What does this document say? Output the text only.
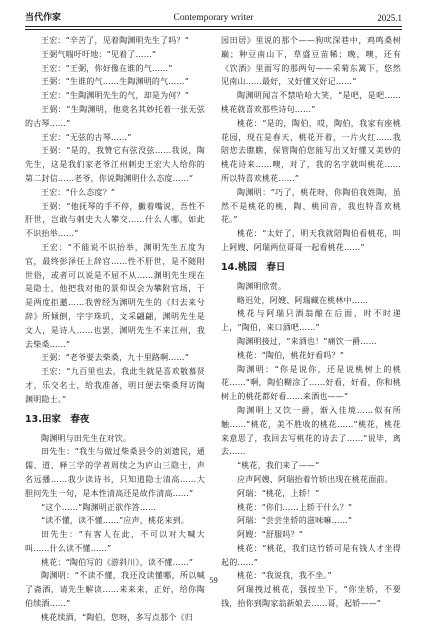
当代作家	Contemporary writer	2025.1

王宏：“辛苦了，见着陶渊明先生了吗？”

王弼气喘吁吁地：“见着了……”

王宏：“王弼，你好像在谁的气……”

王弼：“生谁的气……生陶渊明的气……”

王宏：“生陶渊明先生的气，却是为何？”

王弼：“生陶渊明，他竟名其妙托着一张无弦的古琴……”

王宏：“无弦的古琴……”

王弼：“是的，我赞它有弦没弦……我说，陶先生，这是我们家老爷江州刺史王宏大人给你的第二封信……老爷，你说陶渊明什么态度……”

王宏：“什么态度？”

王弼：“他抚琴的手不停，撇着嘴说，吾性不肝世，岂敢与刺史大人攀交……什么人哪，如此不识抬举……”

王宏：“不能说不识抬举，渊明先生五度为官，最终彭泽任上辞官……性不肝世，是不随附世俗，或者可以说是不屈不从……渊明先生现在是隐士，他把我对他的景仰误会为攀附官场，于是两度拒邀……我曾经为渊明先生的《归去来兮辞》所倾倒，字字珠玑，文采翩翩，渊明先生是文人，是诗人……也罢，渊明先生不来江州，我去柴桑……”

王弼：“老爷要去柴桑，九十里路啊……”

王宏：“九百里也去，我此生就是喜欢敬慕贤才，乐交名士，给我准备，明日便去柴桑拜访陶渊明隐士。”

13.田家　春夜

陶渊明与田先生在对饮。

田先生：“我生与做过柴桑县令的刘遗民，通儒、道、释三学的学者周续之为庐山三隐士，声名远播……我少读诗书，只知道隐士清高……大胆问先生一句，是本性清高还是故作清高……”

“这个……”陶渊明正欲作答……

“读不懂，读不懂……”应声，桃花来到。

田先生：“有客人在此，不可以对大喊大叫……什么读不懂……”

桃花：“陶伯写的《游斜川》，读不懂……”

陶渊明：“不读不懂，我还没读懂哪，所以喊了斋酒，请先生解读……来来来，正好，给你陶伯续酒……”

桃花续酒，“陶伯，您呀，多写点那个《归

园田居》里说的那个——狗吠深巷中，鸡鸣桑树巅；种豆南山下，草盛豆苗稀；晚，噢，还有《饮酒》里面写的那两句——采菊东篱下，悠然见南山……最好，又好懂又好记……”

陶渊明闻言不禁哈哈大笑，“是吧，是吧……桃花就喜欢那些诗句……”

桃花：“是的，陶伯，哎，陶伯，我家有座桃花园，现在是春天，桃花开着，一片火红……我陪您去瞧瞧，保管陶伯您能写出又好懂又美妙的桃花诗来……噢，对了，我的名字就叫桃花……所以特喜欢桃花……”

陶渊明：“巧了，桃花呀，你陶伯我姓陶，虽然不是桃花的桃，陶、桃同音，我也特喜欢桃花。”

桃花：“太好了，明天我就陪陶伯看桃花，叫上阿嫂、阿瑞两位哥哥一起看桃花……”

14.桃园　春日

陶渊明欣赏。

略迟处，阿嫂、阿瑞藏在桃林中……

桃花与阿瑞只酒翁酿在后面，时不时递上，“陶伯，来口酒吧……”

陶渊明接过，“来酒也！”痛饮一爵……

桃花：“陶伯，桃花好看吗？”

陶渊明：“你是说你，还是说桃树上的桃花……”啊，陶伯糊涂了……好看，好看，你和桃树上的桃花都好看……来酒也——”

陶渊明上又饮一爵，渐入佳境……似有所触……“桃花，美不胜收的桃花……”桃花，桃花来意思了，我回去写桃花的诗去了……”说毕，离去……

“桃花，我们来了——”

应声阿嫂、阿瑞抬着竹轿出现在桃花面前。

阿瑞：“桃花，上轿！”

桃花：“你们……上轿干什么？”

阿瑞：“尝尝坐轿的滋味嘛……”

阿嫂：“舒服吗？”

桃花：“桃花，我们这竹轿可是有钱人才坐得起的……”

桃花：“我说我，我不坐。”

阿瑞拽过桃花，强按坐下，“你坐轿，不要钱，抬你到陶家翁新娘去……哥，起轿——”

59
